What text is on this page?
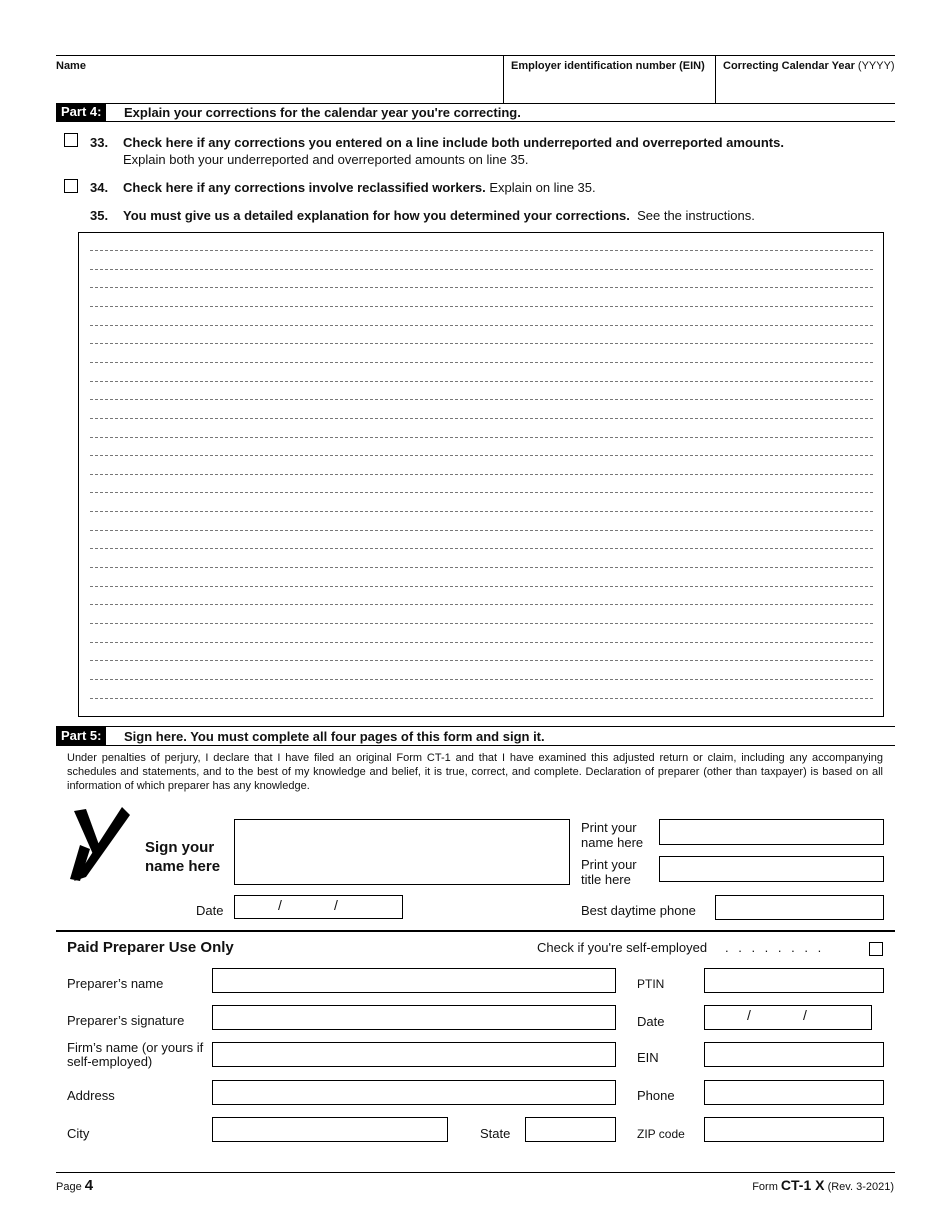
Name	Employer identification number (EIN) Correcting Calendar Year (YYYY)
Part 4:	Explain your corrections for the calendar year you're correcting.
33. Check here if any corrections you entered on a line include both underreported and overreported amounts.
Explain both your underreported and overreported amounts on line 35.
34. Check here if any corrections involve reclassified workers. Explain on line 35.
35. You must give us a detailed explanation for how you determined your corrections. See the instructions.
Part 5:	Sign here. You must complete all four pages of this form and sign it.
Under penalties of perjury, I declare that I have filed an original Form CT-1 and that I have examined this adjusted return or claim, including any accompanying schedules and statements, and to the best of my knowledge and belief, it is true, correct, and complete. Declaration of preparer (other than taxpayer) is based on all information of which preparer has any knowledge.
Sign your
name here
Date	/	/
Print your
name here
Print your
title here
Best daytime phone
Paid Preparer Use Only	Check if you're self-employed . . . . . . . .
Preparer’s name	PTIN
Preparer’s signature	Date	/	/
Firm’s name (or yours if
self-employed)	EIN
Address	Phone
City	State	ZIP code
Page 4	Form CT-1 X (Rev. 3-2021)
